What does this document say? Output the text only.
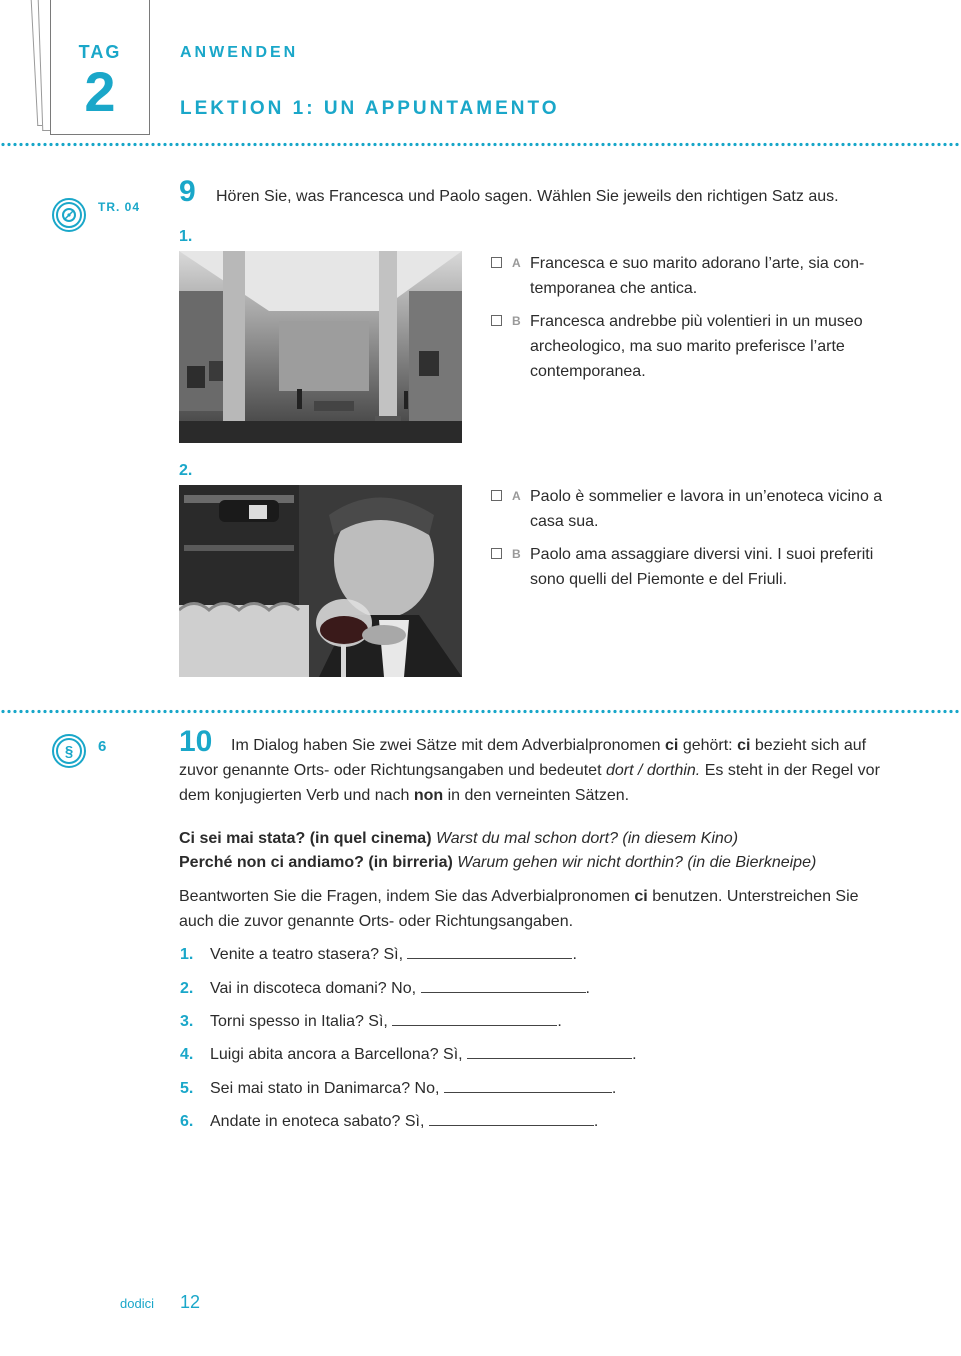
TAG
2
ANWENDEN
LEKTION 1: UN APPUNTAMENTO
TR. 04 9 Hören Sie, was Francesca und Paolo sagen. Wählen Sie jeweils den richtigen Satz aus.
1.
A Francesca e suo marito adorano l’arte, sia con- temporanea che antica.
B Francesca andrebbe più volentieri in un museo archeologico, ma suo marito preferisce l’arte contemporanea.
2.
A Paolo è sommelier e lavora in un’enoteca vicino a casa sua.
B Paolo ama assaggiare diversi vini. I suoi preferiti sono quelli del Piemonte e del Friuli.
§	6 10	Im Dialog haben Sie zwei Sätze mit dem Adverbialpronomen ci gehört: ci bezieht sich auf zuvor genannte Orts- oder Richtungsangaben und bedeutet dort / dorthin. Es steht in der Regel vor dem konjugierten Verb und nach non in den verneinten Sätzen.
Ci sei mai stata? (in quel cinema) Warst du mal schon dort? (in diesem Kino)
Perché non ci andiamo? (in birreria) Warum gehen wir nicht dorthin? (in die Bierkneipe)
Beantworten Sie die Fragen, indem Sie das Adverbialpronomen ci benutzen. Unterstreichen Sie auch die zuvor genannte Orts- oder Richtungsangaben.
1. Venite a teatro stasera? Sì,	.
2. Vai in discoteca domani? No,	.
3. Torni spesso in Italia? Sì,	.
4. Luigi abita ancora a Barcellona? Sì,	.
5. Sei mai stato in Danimarca? No,	.
6. Andate in enoteca sabato? Sì,	.
dodici 12
